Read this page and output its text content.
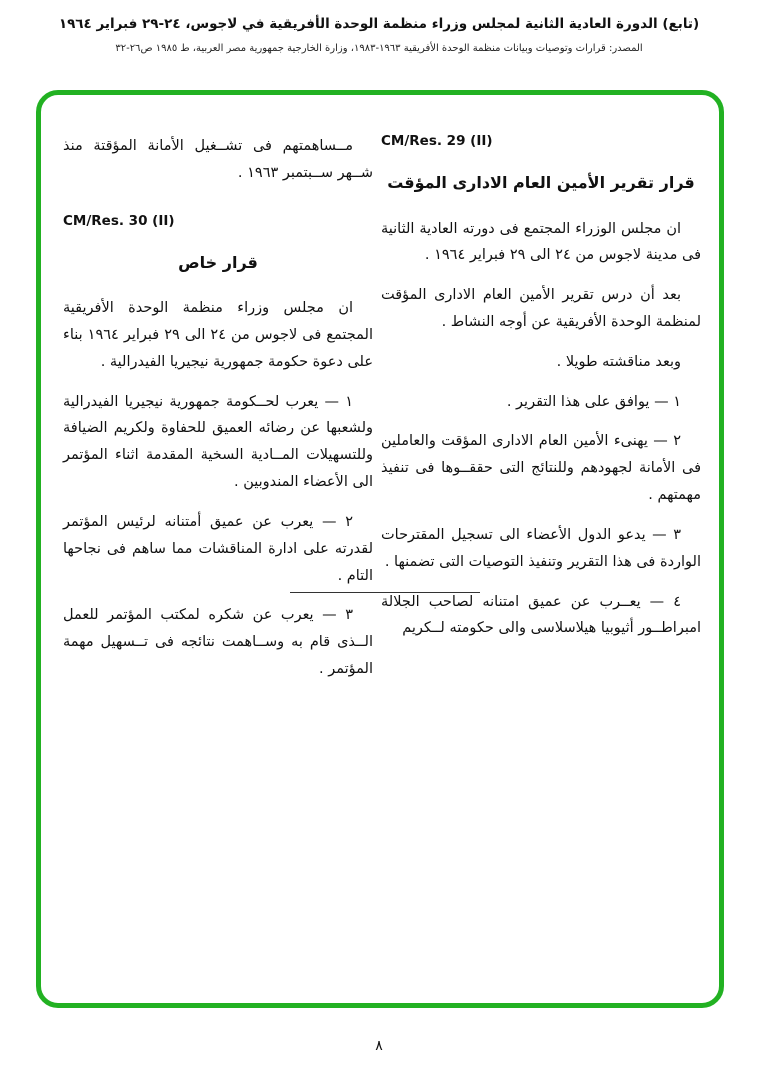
(تابع) الدورة العادية الثانية لمجلس وزراء منظمة الوحدة الأفريقية في لاجوس، ٢٤-٢٩ فبراير ١٩٦٤
المصدر: قرارات وتوصيات وبيانات منظمة الوحدة الأفريقية ١٩٦٣-١٩٨٣، وزارة الخارجية جمهورية مصر العربية، ط ١٩٨٥ ص٢٦-٣٢
CM/Res. 29 (II)
قرار تقرير الأمين العام الادارى المؤقت

ان مجلس الوزراء المجتمع فى دورته العادية الثانية فى مدينة لاجوس من ٢٤ الى ٢٩ فبراير ١٩٦٤ .

بعد أن درس تقرير الأمين العام الادارى المؤقت لمنظمة الوحدة الأفريقية عن أوجه النشاط .

وبعد مناقشته طويلا .

١ — يوافق على هذا التقرير .

٢ — يهنىء الأمين العام الادارى المؤقت والعاملين فى الأمانة لجهودهم وللنتائج التى حققــوها فى تنفيذ مهمتهم .

٣ — يدعو الدول الأعضاء الى تسجيل المقترحات الواردة فى هذا التقرير وتنفيذ التوصيات التى تضمنها .

٤ — يعــرب عن عميق امتنانه لصاحب الجلالة امبراطــور أثيوبيا هيلاسلاسى والى حكومته لــكريم

مــساهمتهم فى تشــغيل الأمانة المؤقتة منذ شــهر ســبتمبر ١٩٦٣ .

CM/Res. 30 (II)
قرار خاص

ان مجلس وزراء منظمة الوحدة الأفريقية المجتمع فى لاجوس من ٢٤ الى ٢٩ فبراير ١٩٦٤ بناء على دعوة حكومة جمهورية نيجيريا الفيدرالية .

١ — يعرب لحــكومة جمهورية نيجيريا الفيدرالية ولشعبها عن رضائه العميق للحفاوة ولكريم الضيافة وللتسهيلات المــادية السخية المقدمة اثناء المؤتمر الى الأعضاء المندوبين .

٢ — يعرب عن عميق أمتنانه لرئيس المؤتمر لقدرته على ادارة المناقشات مما ساهم فى نجاحها التام .

٣ — يعرب عن شكره لمكتب المؤتمر للعمل الــذى قام به وســاهمت نتائجه فى تــسهيل مهمة المؤتمر .

٨
